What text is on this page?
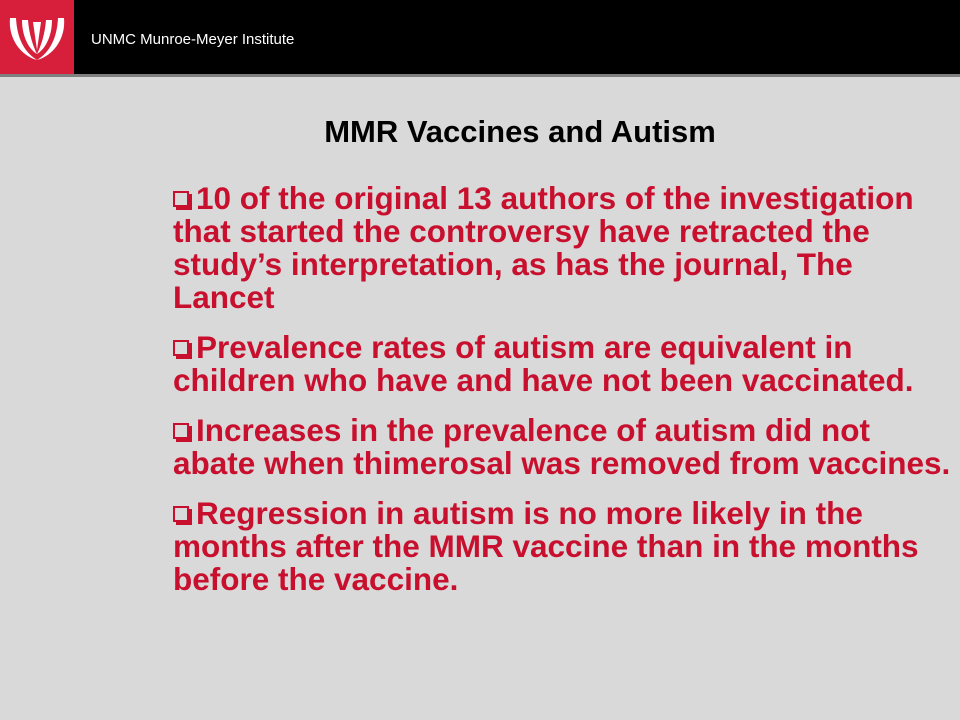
UNMC Munroe-Meyer Institute
MMR Vaccines and Autism
10 of the original 13 authors of the investigation that started the controversy have retracted the study’s interpretation, as has the journal, The Lancet
Prevalence rates of autism are equivalent in children who have and have not been vaccinated.
Increases in the prevalence of autism did not abate when thimerosal was removed from vaccines.
Regression in autism is no more likely in the months after the MMR vaccine than in the months before the vaccine.
